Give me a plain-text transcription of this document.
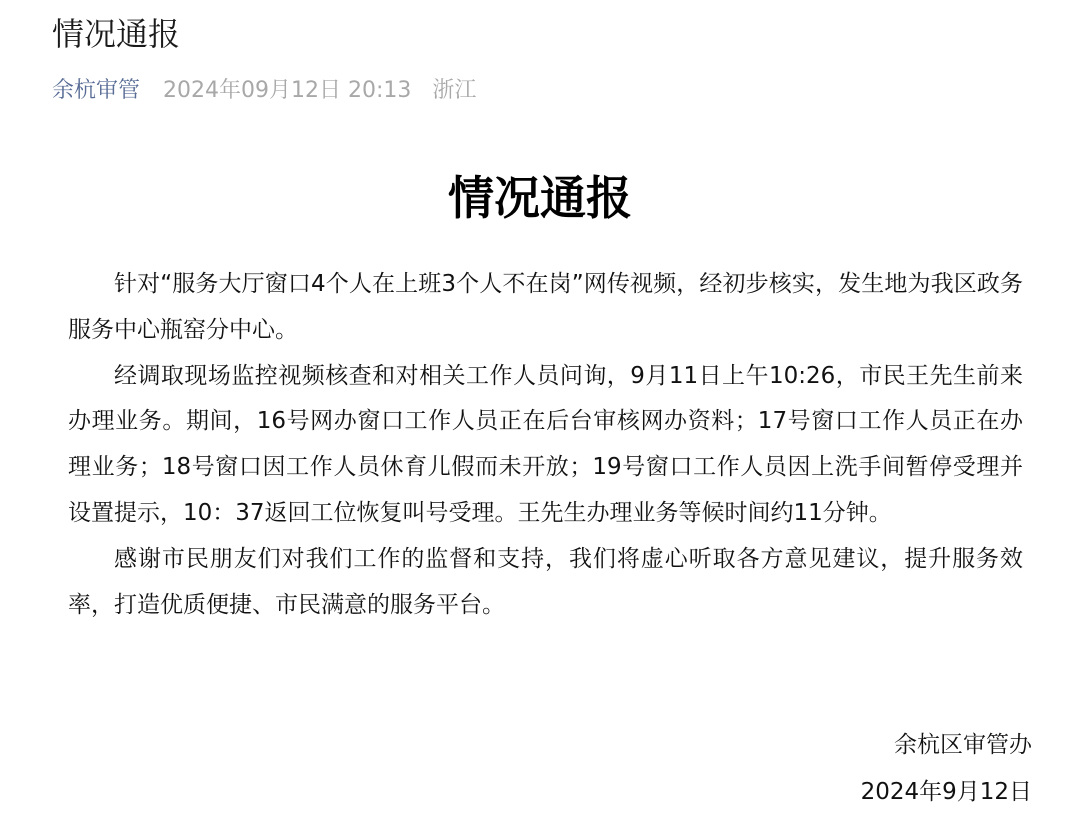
情况通报
余杭审管 2024年09月12日 20:13 浙江
情况通报

针对“服务大厅窗口4个人在上班3个人不在岗”网传视频，经初步核实，发生地为我区政务服务中心瓶窑分中心。

经调取现场监控视频核查和对相关工作人员问询，9月11日上午10:26，市民王先生前来办理业务。期间，16号网办窗口工作人员正在后台审核网办资料；17号窗口工作人员正在办理业务；18号窗口因工作人员休育儿假而未开放；19号窗口工作人员因上洗手间暂停受理并设置提示，10：37返回工位恢复叫号受理。王先生办理业务等候时间约11分钟。

感谢市民朋友们对我们工作的监督和支持，我们将虚心听取各方意见建议，提升服务效率，打造优质便捷、市民满意的服务平台。

余杭区审管办
2024年9月12日
